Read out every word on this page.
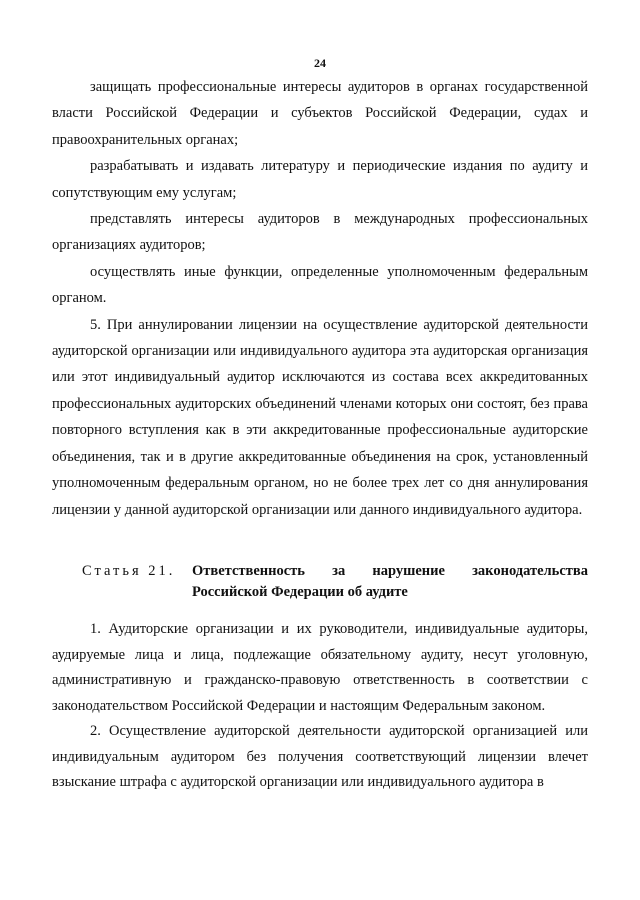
24

защищать профессиональные интересы аудиторов в органах государственной власти Российской Федерации и субъектов Российской Федерации, судах и правоохранительных органах;

разрабатывать и издавать литературу и периодические издания по аудиту и сопутствующим ему услугам;

представлять интересы аудиторов в международных профессиональных организациях аудиторов;

осуществлять иные функции, определенные уполномоченным федеральным органом.

5. При аннулировании лицензии на осуществление аудиторской деятельности аудиторской организации или индивидуального аудитора эта аудиторская организация или этот индивидуальный аудитор исключаются из состава всех аккредитованных профессиональных аудиторских объединений членами которых они состоят, без права повторного вступления как в эти аккредитованные профессиональные аудиторские объединения, так и в другие аккредитованные объединения на срок, установленный уполномоченным федеральным органом, но не более трех лет со дня аннулирования лицензии у данной аудиторской организации или данного индивидуального аудитора.

Статья 21.	Ответственность за нарушение законодательства Российской Федерации об аудите

1. Аудиторские организации и их руководители, индивидуальные аудиторы, аудируемые лица и лица, подлежащие обязательному аудиту, несут уголовную, административную и гражданско-правовую ответственность в соответствии с законодательством Российской Федерации и настоящим Федеральным законом.

2. Осуществление аудиторской деятельности аудиторской организацией или индивидуальным аудитором без получения соответствующий лицензии влечет взыскание штрафа с аудиторской организации или индивидуального аудитора в
